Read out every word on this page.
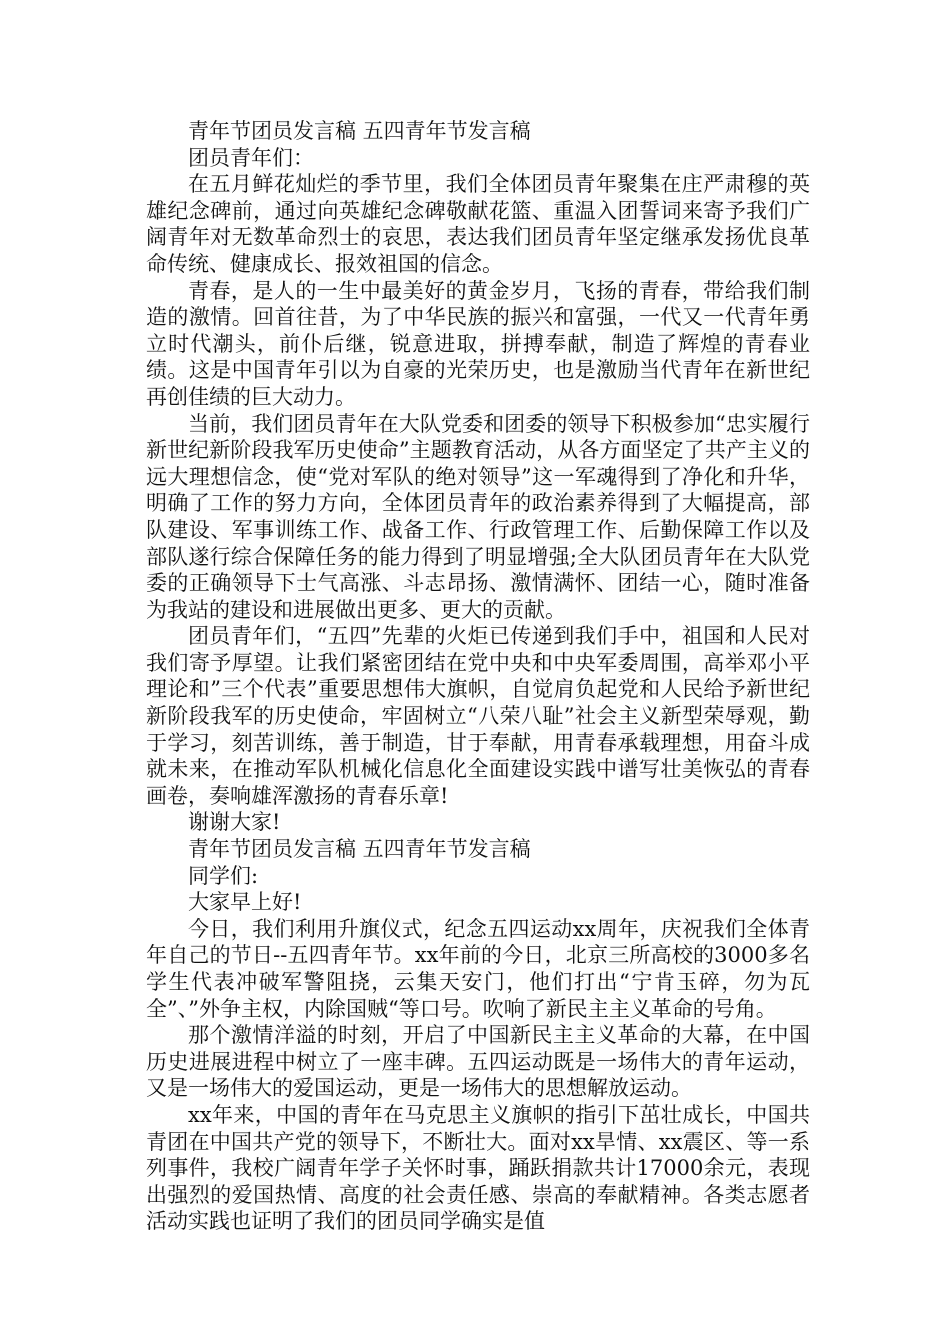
青年节团员发言稿 五四青年节发言稿

团员青年们：

在五月鲜花灿烂的季节里，我们全体团员青年聚集在庄严肃穆的英雄纪念碑前，通过向英雄纪念碑敬献花篮、重温入团誓词来寄予我们广阔青年对无数革命烈士的哀思，表达我们团员青年坚定继承发扬优良革命传统、健康成长、报效祖国的信念。

青春，是人的一生中最美好的黄金岁月，飞扬的青春，带给我们制造的激情。回首往昔，为了中华民族的振兴和富强，一代又一代青年勇立时代潮头，前仆后继，锐意进取，拼搏奉献，制造了辉煌的青春业绩。这是中国青年引以为自豪的光荣历史，也是激励当代青年在新世纪再创佳绩的巨大动力。

当前，我们团员青年在大队党委和团委的领导下积极参加“忠实履行新世纪新阶段我军历史使命”主题教育活动，从各方面坚定了共产主义的远大理想信念，使“党对军队的绝对领导”这一军魂得到了净化和升华，明确了工作的努力方向，全体团员青年的政治素养得到了大幅提高，部队建设、军事训练工作、战备工作、行政管理工作、后勤保障工作以及部队遂行综合保障任务的能力得到了明显增强;全大队团员青年在大队党委的正确领导下士气高涨、斗志昂扬、激情满怀、团结一心，随时准备为我站的建设和进展做出更多、更大的贡献。

团员青年们，“五四”先辈的火炬已传递到我们手中，祖国和人民对我们寄予厚望。让我们紧密团结在党中央和中央军委周围，高举邓小平理论和”三个代表”重要思想伟大旗帜，自觉肩负起党和人民给予新世纪新阶段我军的历史使命，牢固树立“八荣八耻”社会主义新型荣辱观，勤于学习，刻苦训练，善于制造，甘于奉献，用青春承载理想，用奋斗成就未来，在推动军队机械化信息化全面建设实践中谱写壮美恢弘的青春画卷，奏响雄浑激扬的青春乐章!

谢谢大家!

青年节团员发言稿 五四青年节发言稿

同学们:

大家早上好!

今日，我们利用升旗仪式，纪念五四运动xx周年，庆祝我们全体青年自己的节日--五四青年节。xx年前的今日，北京三所高校的3000多名学生代表冲破军警阻挠，云集天安门，他们打出“宁肯玉碎，勿为瓦全”、”外争主权，内除国贼“等口号。吹响了新民主主义革命的号角。

那个激情洋溢的时刻，开启了中国新民主主义革命的大幕，在中国历史进展进程中树立了一座丰碑。五四运动既是一场伟大的青年运动，又是一场伟大的爱国运动，更是一场伟大的思想解放运动。

xx年来，中国的青年在马克思主义旗帜的指引下茁壮成长，中国共青团在中国共产党的领导下，不断壮大。面对xx旱情、xx震区、等一系列事件，我校广阔青年学子关怀时事，踊跃捐款共计17000余元，表现出强烈的爱国热情、高度的社会责任感、崇高的奉献精神。各类志愿者活动实践也证明了我们的团员同学确实是值
